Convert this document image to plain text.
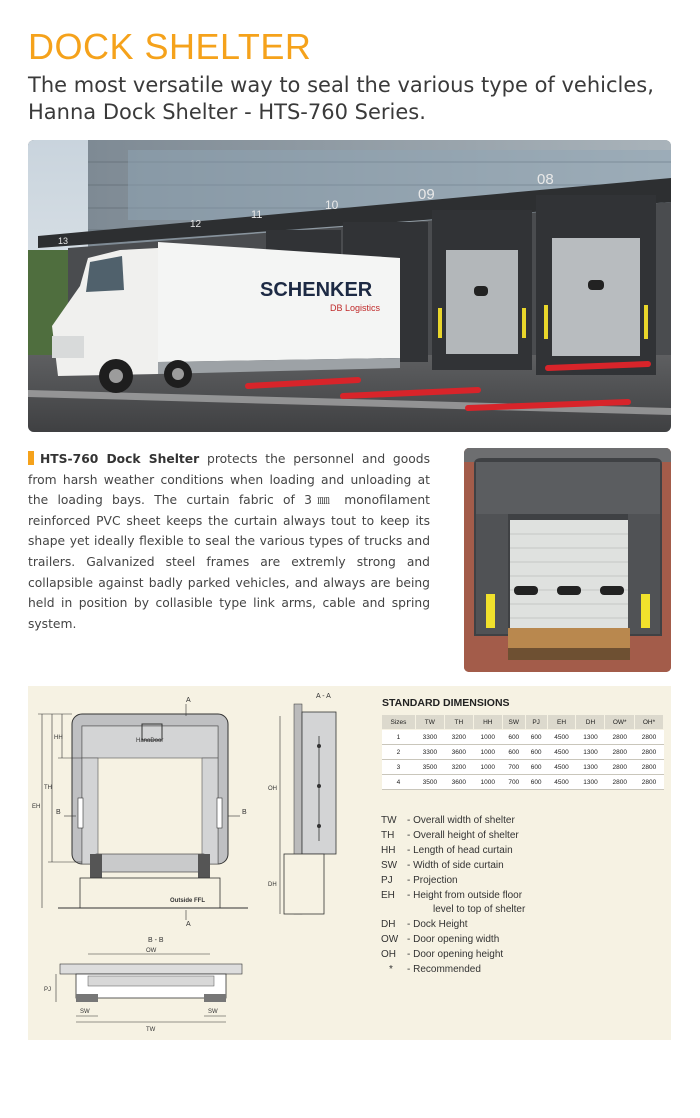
DOCK SHELTER
The most versatile way to seal the various type of vehicles,
Hanna Dock Shelter - HTS-760 Series.
08
09
10
11
12
13
SCHENKER
DB Logistics
HTS-760 Dock Shelter protects the personnel and goods from harsh weather conditions when loading and unloading at the loading bays. The curtain fabric of 3㎜ monofilament reinforced PVC sheet keeps the curtain always tout to keep its shape yet ideally flexible to seal the various types of trucks and trailers. Galvanized steel frames are extremly strong and collapsible against badly parked vehicles, and always are being held in position by collasible type link arms, cable and spring system.
HanaDoor
Outside FFL
HH
TH
EH
A
A
B	B
A - A
OH
DH
B - B
OW
PJ
SW	SW
TW
STANDARD DIMENSIONS
Sizes	TW	TH	HH	SW	PJ	EH	DH	OW*	OH*
1	3300	3200	1000	600	600	4500	1300	2800	2800
2	3300	3600	1000	600	600	4500	1300	2800	2800
3	3500	3200	1000	700	600	4500	1300	2800	2800
4	3500	3600	1000	700	600	4500	1300	2800	2800
TW	- Overall width of shelter
TH	- Overall height of shelter
HH	- Length of head curtain
SW - Width of side curtain
PJ	- Projection
EH	- Height from outside floor
level to top of shelter
DH	- Dock Height
OW - Door opening width
OH	- Door opening height
*	- Recommended
